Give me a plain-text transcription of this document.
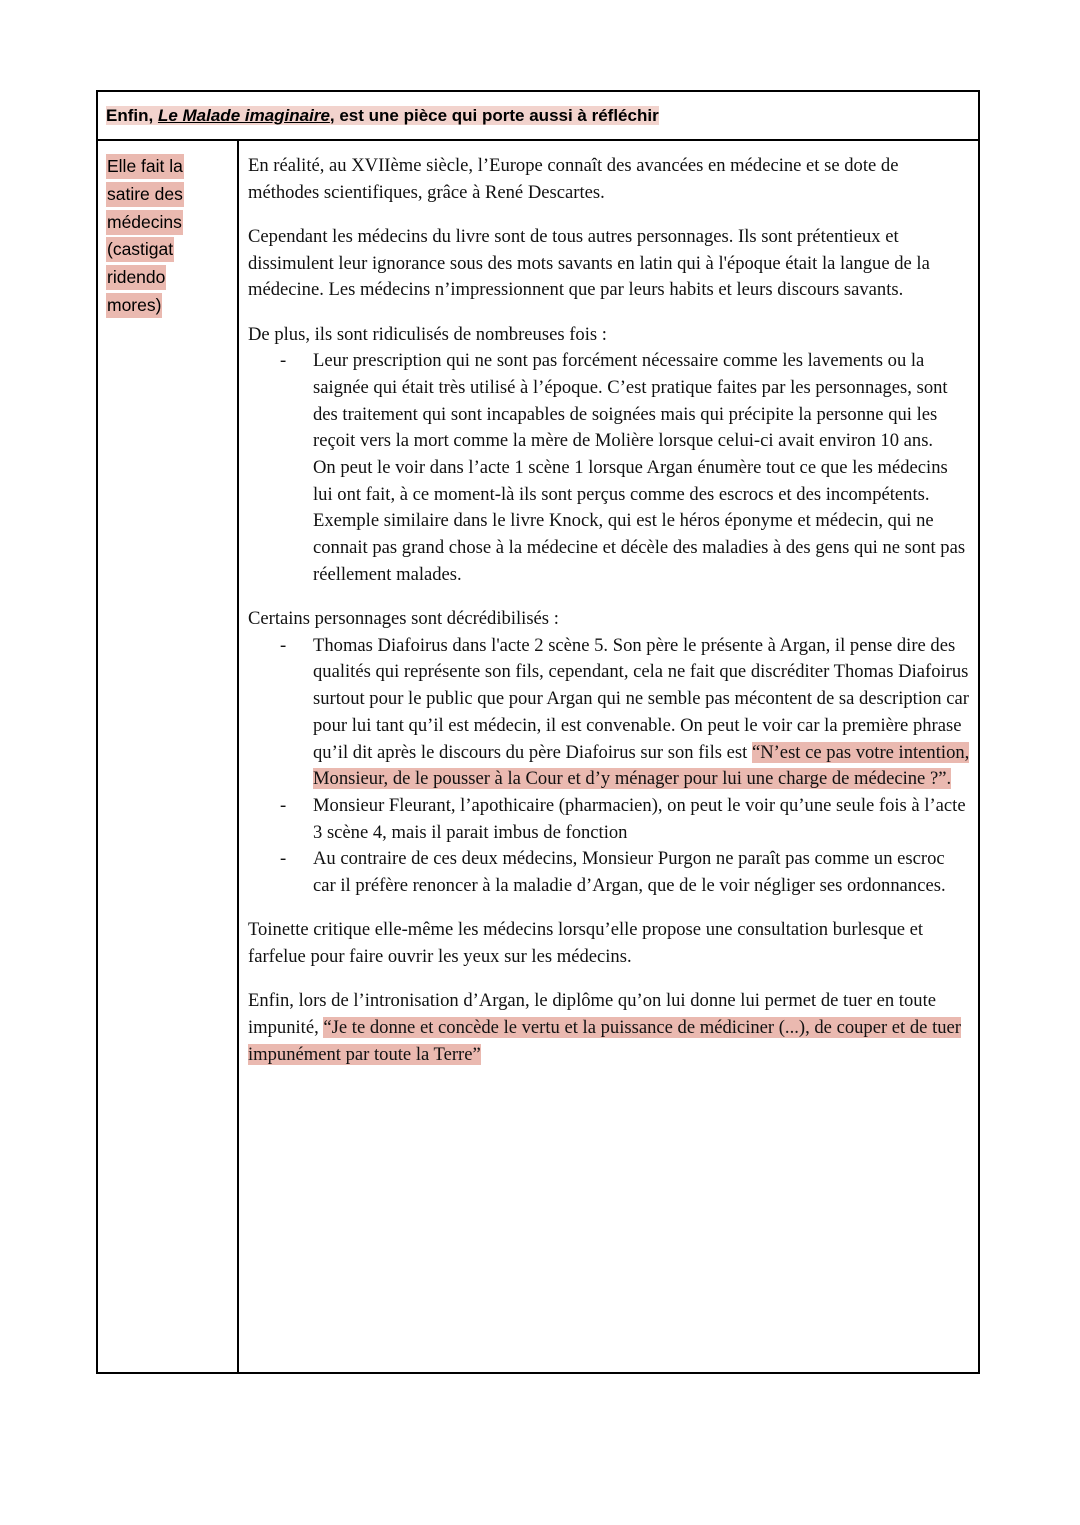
Enfin, Le Malade imaginaire, est une pièce qui porte aussi à réfléchir
Elle fait la
satire des
médecins
(castigat
ridendo
mores)

En réalité, au XVIIème siècle, l’Europe connaît des avancées en médecine et se dote de méthodes scientifiques, grâce à René Descartes.

Cependant les médecins du livre sont de tous autres personnages. Ils sont prétentieux et dissimulent leur ignorance sous des mots savants en latin qui à l'époque était la langue de la médecine. Les médecins n’impressionnent que par leurs habits et leurs discours savants.

De plus, ils sont ridiculisés de nombreuses fois :
- Leur prescription qui ne sont pas forcément nécessaire comme les lavements ou la saignée qui était très utilisé à l’époque. C’est pratique faites par les personnages, sont des traitement qui sont incapables de soignées mais qui précipite la personne qui les reçoit vers la mort comme la mère de Molière lorsque celui-ci avait environ 10 ans.
On peut le voir dans l’acte 1 scène 1 lorsque Argan énumère tout ce que les médecins lui ont fait, à ce moment-là ils sont perçus comme des escrocs et des incompétents.
Exemple similaire dans le livre Knock, qui est le héros éponyme et médecin, qui ne connait pas grand chose à la médecine et décèle des maladies à des gens qui ne sont pas réellement malades.
Certains personnages sont décrédibilisés :
- Thomas Diafoirus dans l'acte 2 scène 5. Son père le présente à Argan, il pense dire des qualités qui représente son fils, cependant, cela ne fait que discréditer Thomas Diafoirus surtout pour le public que pour Argan qui ne semble pas mécontent de sa description car pour lui tant qu’il est médecin, il est convenable. On peut le voir car la première phrase qu’il dit après le discours du père Diafoirus sur son fils est “N’est ce pas votre intention, Monsieur, de le pousser à la Cour et d’y ménager pour lui une charge de médecine ?”.
- Monsieur Fleurant, l’apothicaire (pharmacien), on peut le voir qu’une seule fois à l’acte 3 scène 4, mais il parait imbus de fonction
- Au contraire de ces deux médecins, Monsieur Purgon ne paraît pas comme un escroc car il préfère renoncer à la maladie d’Argan, que de le voir négliger ses ordonnances.

Toinette critique elle-même les médecins lorsqu’elle propose une consultation burlesque et farfelue pour faire ouvrir les yeux sur les médecins.

Enfin, lors de l’intronisation d’Argan, le diplôme qu’on lui donne lui permet de tuer en toute impunité, “Je te donne et concède le vertu et la puissance de médiciner (...), de couper et de tuer impunément par toute la Terre”
